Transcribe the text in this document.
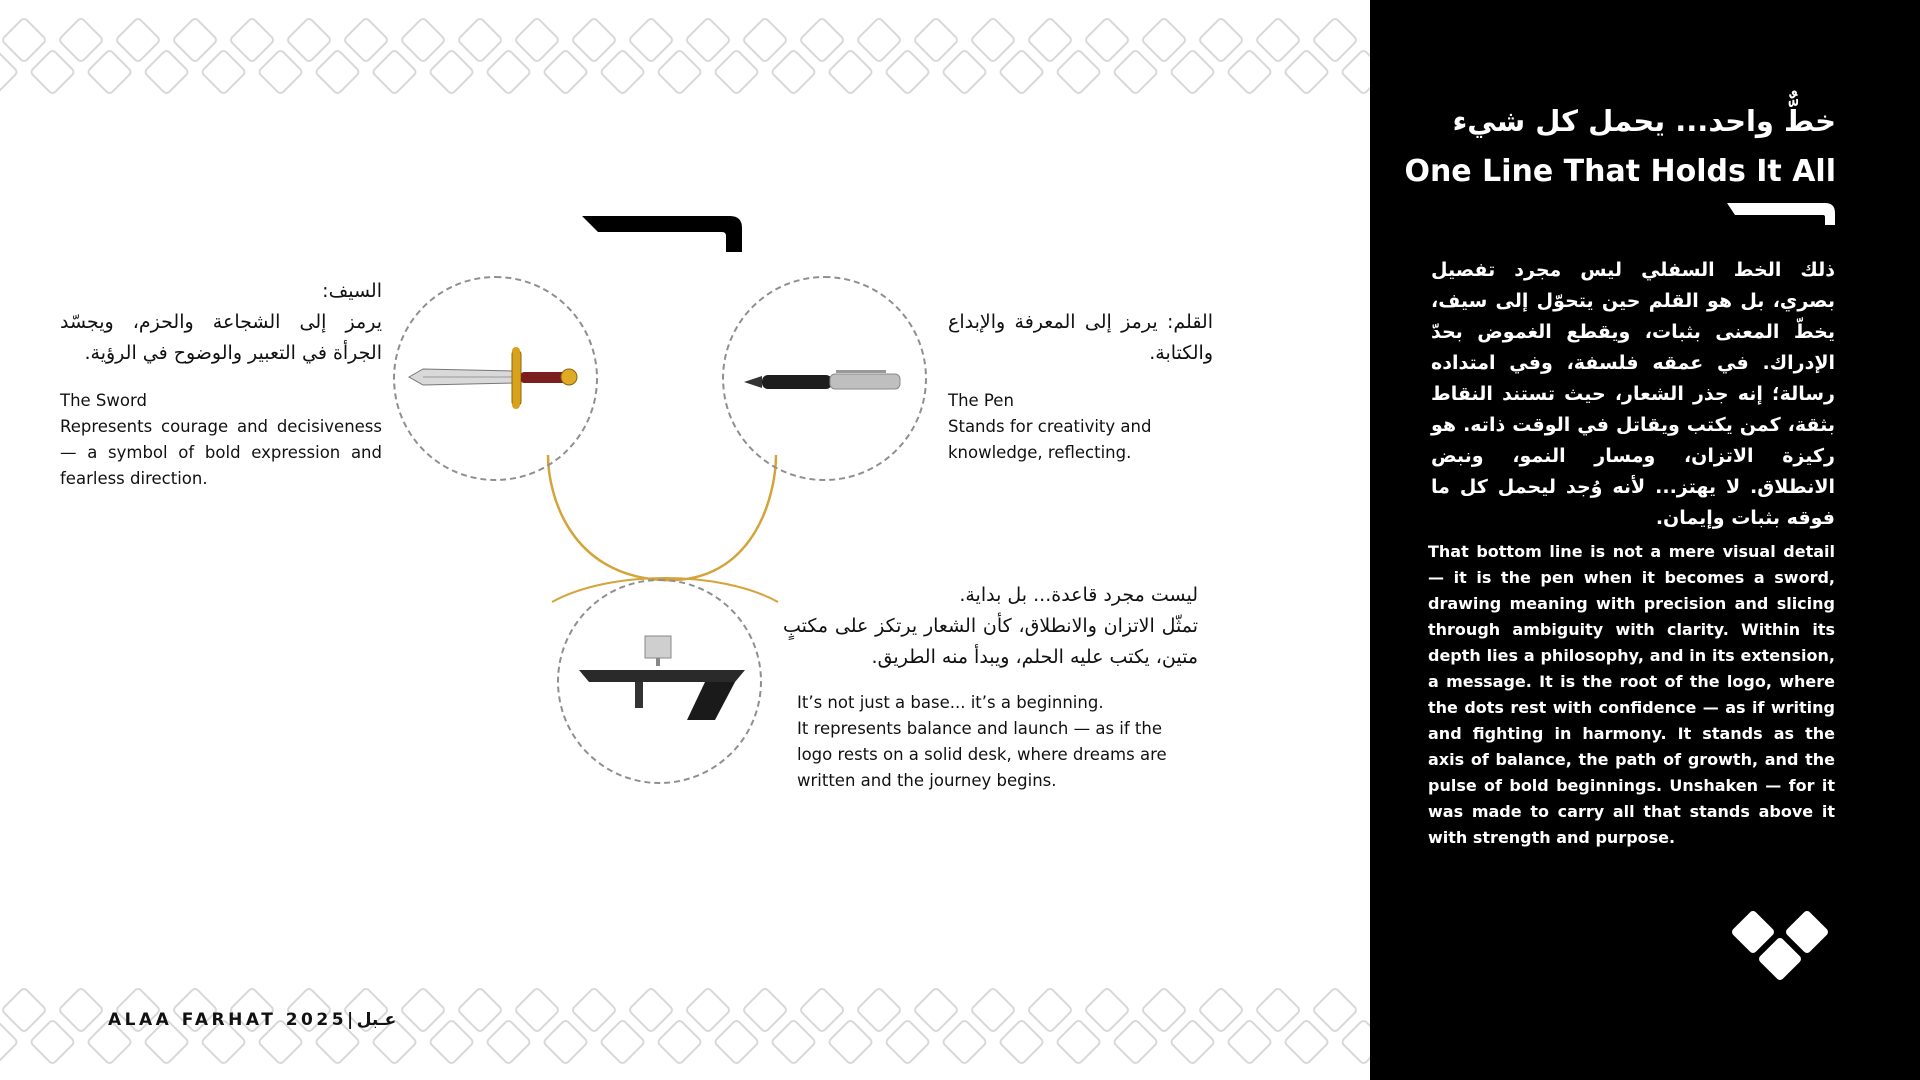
السيف:
يرمز إلى الشجاعة والحزم، ويجسّد الجرأة في التعبير والوضوح في الرؤية.
The Sword
Represents courage and decisiveness — a symbol of bold expression and fearless direction.
القلم: يرمز إلى المعرفة والإبداع والكتابة.
The Pen
Stands for creativity and knowledge, reflecting.
ليست مجرد قاعدة... بل بداية.
تمثّل الاتزان والانطلاق، كأن الشعار يرتكز على مكتبٍ متين، يكتب عليه الحلم، ويبدأ منه الطريق.
It’s not just a base... it’s a beginning.
It represents balance and launch — as if the logo rests on a solid desk, where dreams are written and the journey begins.
ALAA FARHAT 2025|عـبل
خطٌّ واحد... يحمل كل شيء
One Line That Holds It All
ذلك الخط السفلي ليس مجرد تفصيل بصري، بل هو القلم حين يتحوّل إلى سيف، يخطّ المعنى بثبات، ويقطع الغموض بحدّ الإدراك. في عمقه فلسفة، وفي امتداده رسالة؛ إنه جذر الشعار، حيث تستند النقاط بثقة، كمن يكتب ويقاتل في الوقت ذاته. هو ركيزة الاتزان، ومسار النمو، ونبض الانطلاق. لا يهتز... لأنه وُجد ليحمل كل ما فوقه بثبات وإيمان.
That bottom line is not a mere visual detail — it is the pen when it becomes a sword, drawing meaning with precision and slicing through ambiguity with clarity. Within its depth lies a philosophy, and in its extension, a message. It is the root of the logo, where the dots rest with confidence — as if writing and fighting in harmony. It stands as the axis of balance, the path of growth, and the pulse of bold beginnings. Unshaken — for it was made to carry all that stands above it with strength and purpose.
